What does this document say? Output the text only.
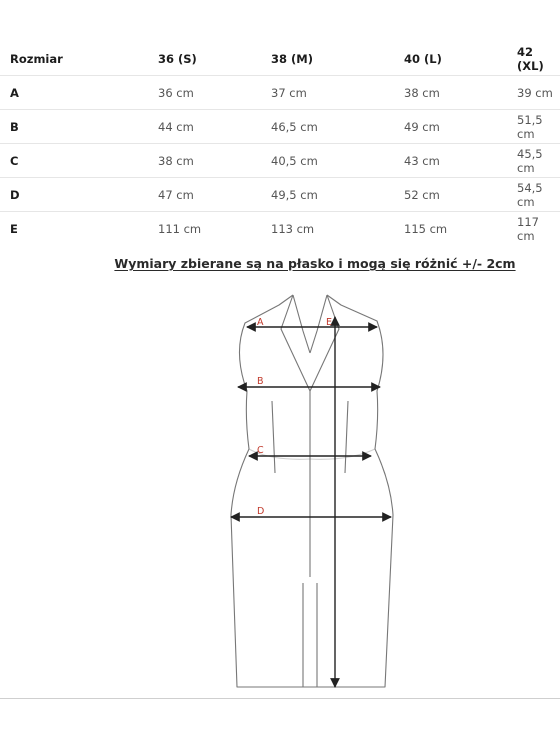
Rozmiar	36 (S)	38 (M)	40 (L)	42 (XL)
A	36 cm	37 cm	38 cm	39 cm
B	44 cm	46,5 cm	49 cm	51,5 cm
C	38 cm	40,5 cm	43 cm	45,5 cm
D	47 cm	49,5 cm	52 cm	54,5 cm
E	111 cm	113 cm	115 cm	117 cm

Wymiary zbierane są na płasko i mogą się różnić +/- 2cm

A
B
C
D
E
